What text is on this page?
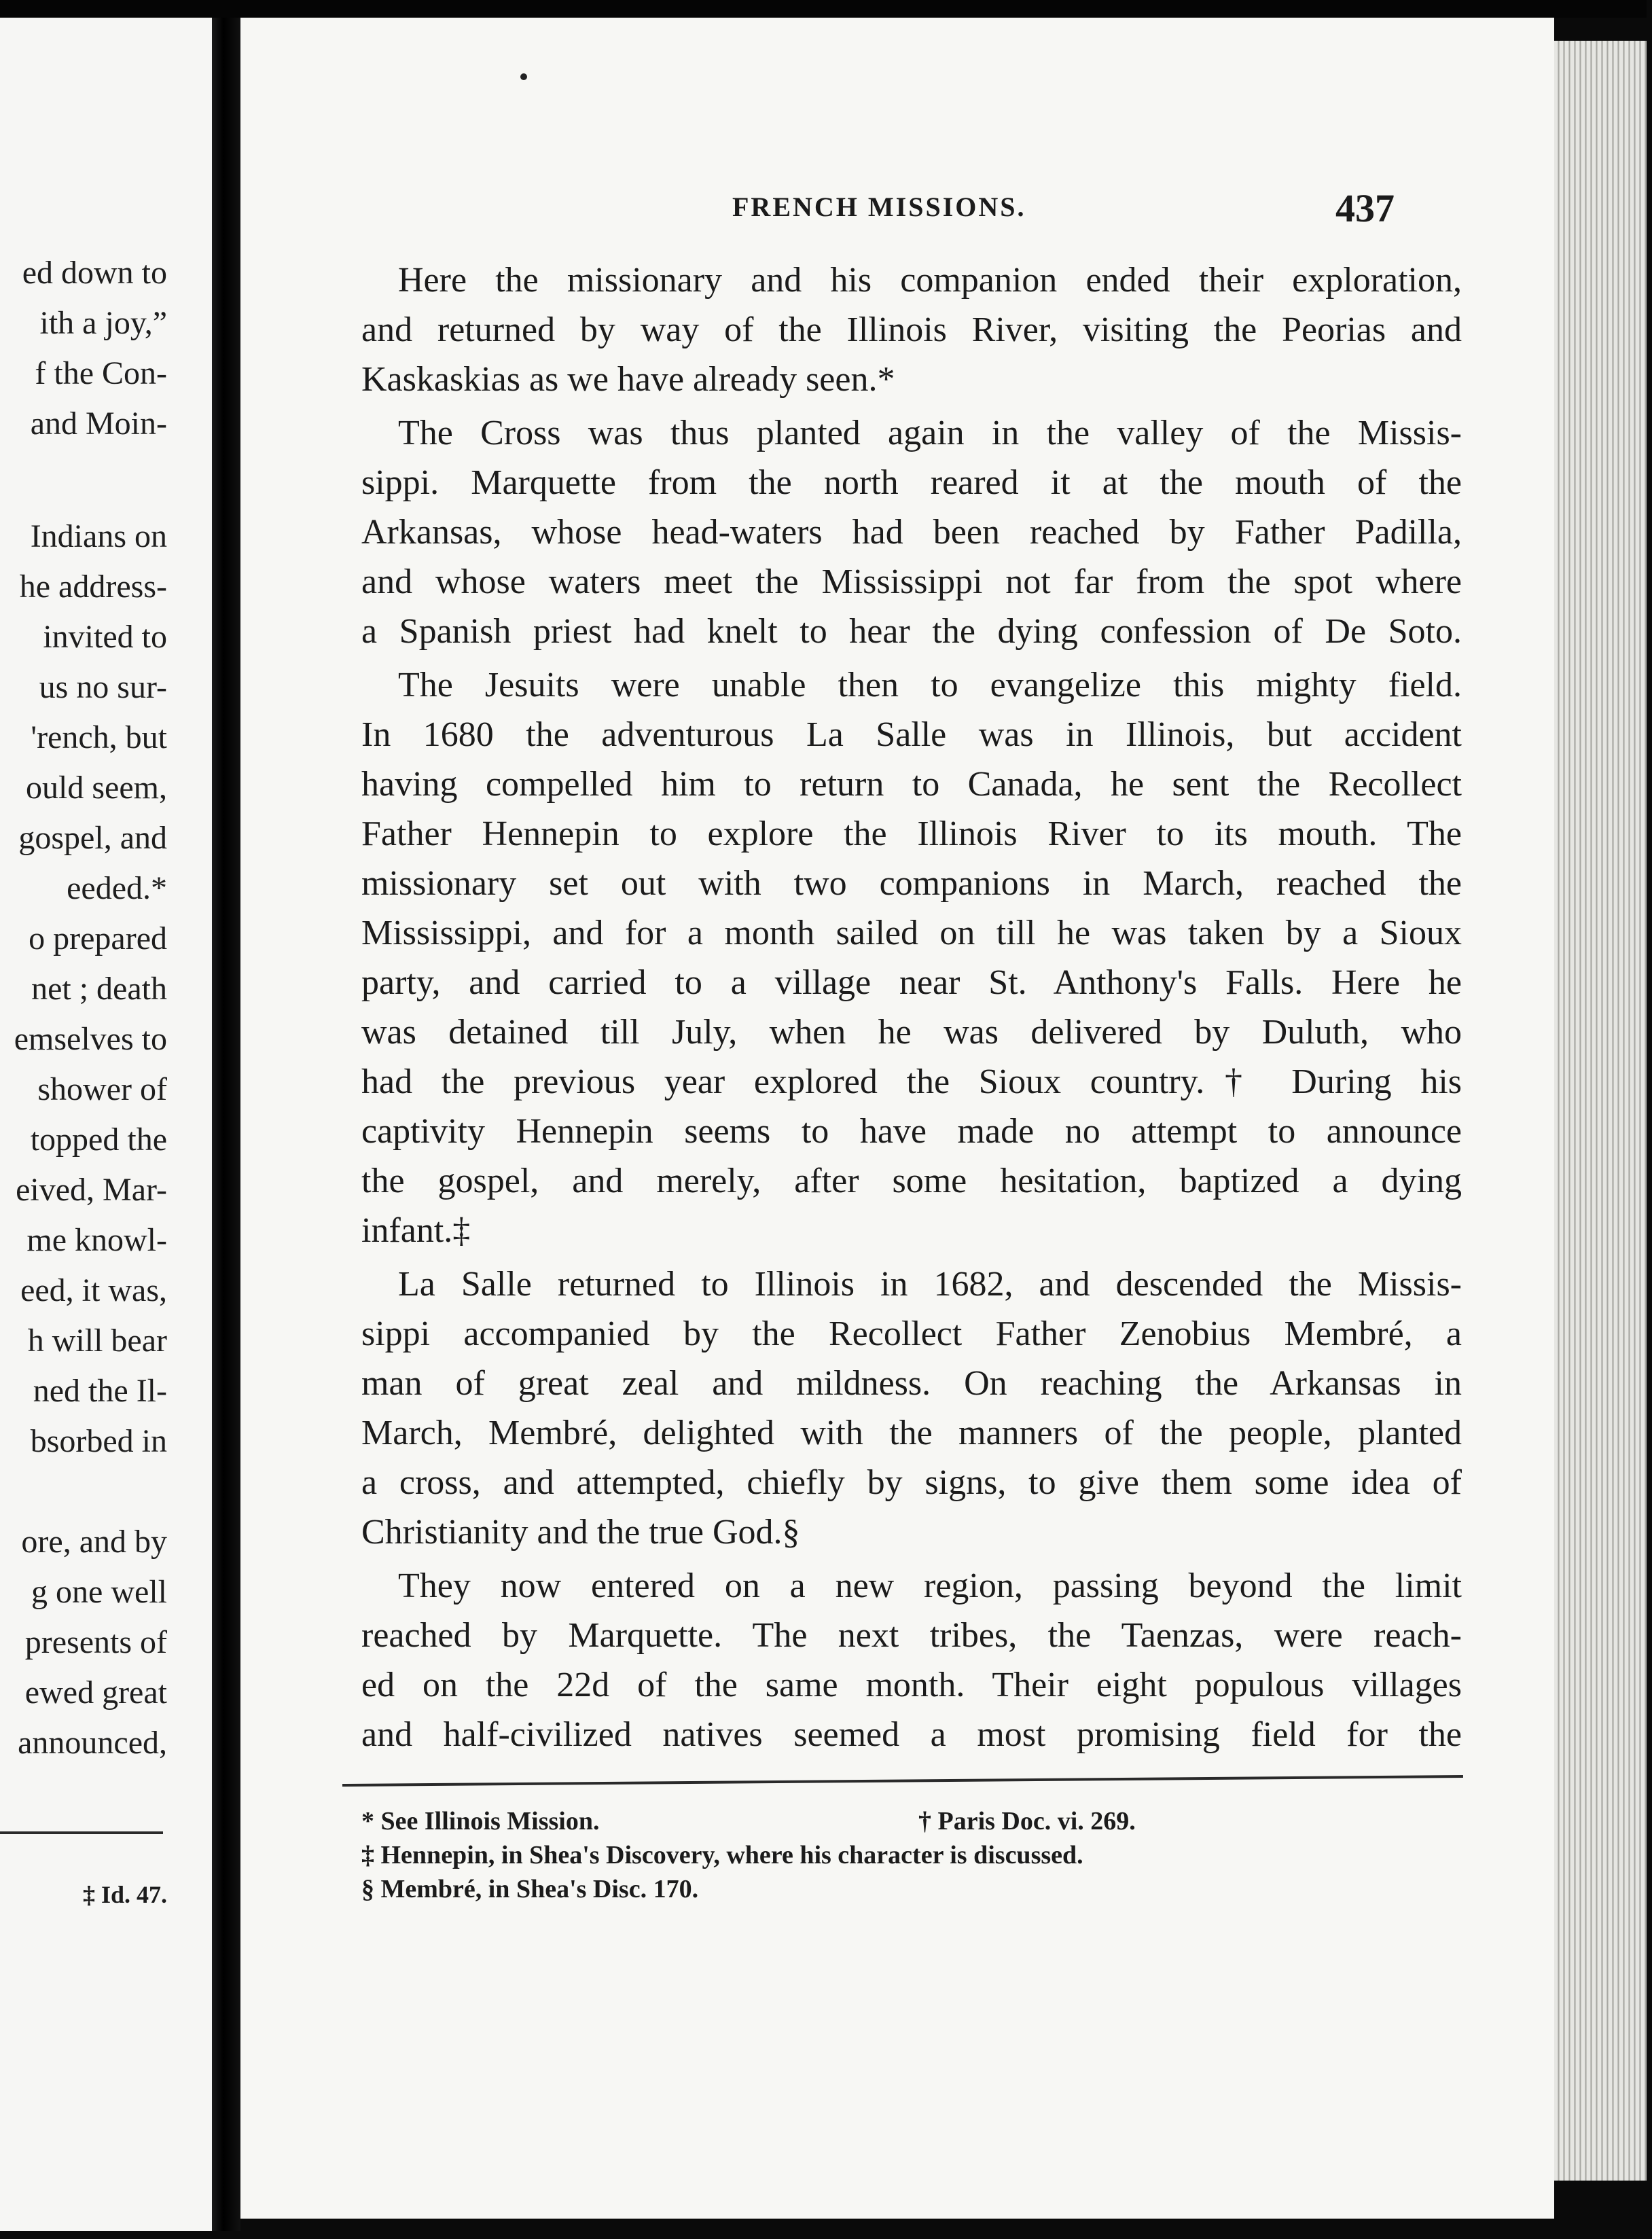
ed down to
ith a joy,”
f the Con-
and Moin-
Indians on
he address-
invited to
us no sur-
'rench, but
ould seem,
gospel, and
eeded.*
o prepared
net ; death
emselves to
shower of
topped the
eived, Mar-
me knowl-
eed, it was,
h will bear
ned the Il-
bsorbed in
ore, and by
g one well
presents of
ewed great
announced,
‡ Id. 47.
FRENCH MISSIONS.	437
Here the missionary and his companion ended their exploration,
and returned by way of the Illinois River, visiting the Peorias and
Kaskaskias as we have already seen.*
The Cross was thus planted again in the valley of the Missis-
sippi. Marquette from the north reared it at the mouth of the
Arkansas, whose head-waters had been reached by Father Padilla,
and whose waters meet the Mississippi not far from the spot where
a Spanish priest had knelt to hear the dying confession of De Soto.
The Jesuits were unable then to evangelize this mighty field.
In 1680 the adventurous La Salle was in Illinois, but accident
having compelled him to return to Canada, he sent the Recollect
Father Hennepin to explore the Illinois River to its mouth. The
missionary set out with two companions in March, reached the
Mississippi, and for a month sailed on till he was taken by a Sioux
party, and carried to a village near St. Anthony's Falls. Here he
was detained till July, when he was delivered by Duluth, who
had the previous year explored the Sioux country.† During his
captivity Hennepin seems to have made no attempt to announce
the gospel, and merely, after some hesitation, baptized a dying
infant.‡
La Salle returned to Illinois in 1682, and descended the Missis-
sippi accompanied by the Recollect Father Zenobius Membré, a
man of great zeal and mildness. On reaching the Arkansas in
March, Membré, delighted with the manners of the people, planted
a cross, and attempted, chiefly by signs, to give them some idea of
Christianity and the true God.§
They now entered on a new region, passing beyond the limit
reached by Marquette. The next tribes, the Taenzas, were reach-
ed on the 22d of the same month. Their eight populous villages
and half-civilized natives seemed a most promising field for the
* See Illinois Mission.	† Paris Doc. vi. 269.
‡ Hennepin, in Shea's Discovery, where his character is discussed.
§ Membré, in Shea's Disc. 170.
